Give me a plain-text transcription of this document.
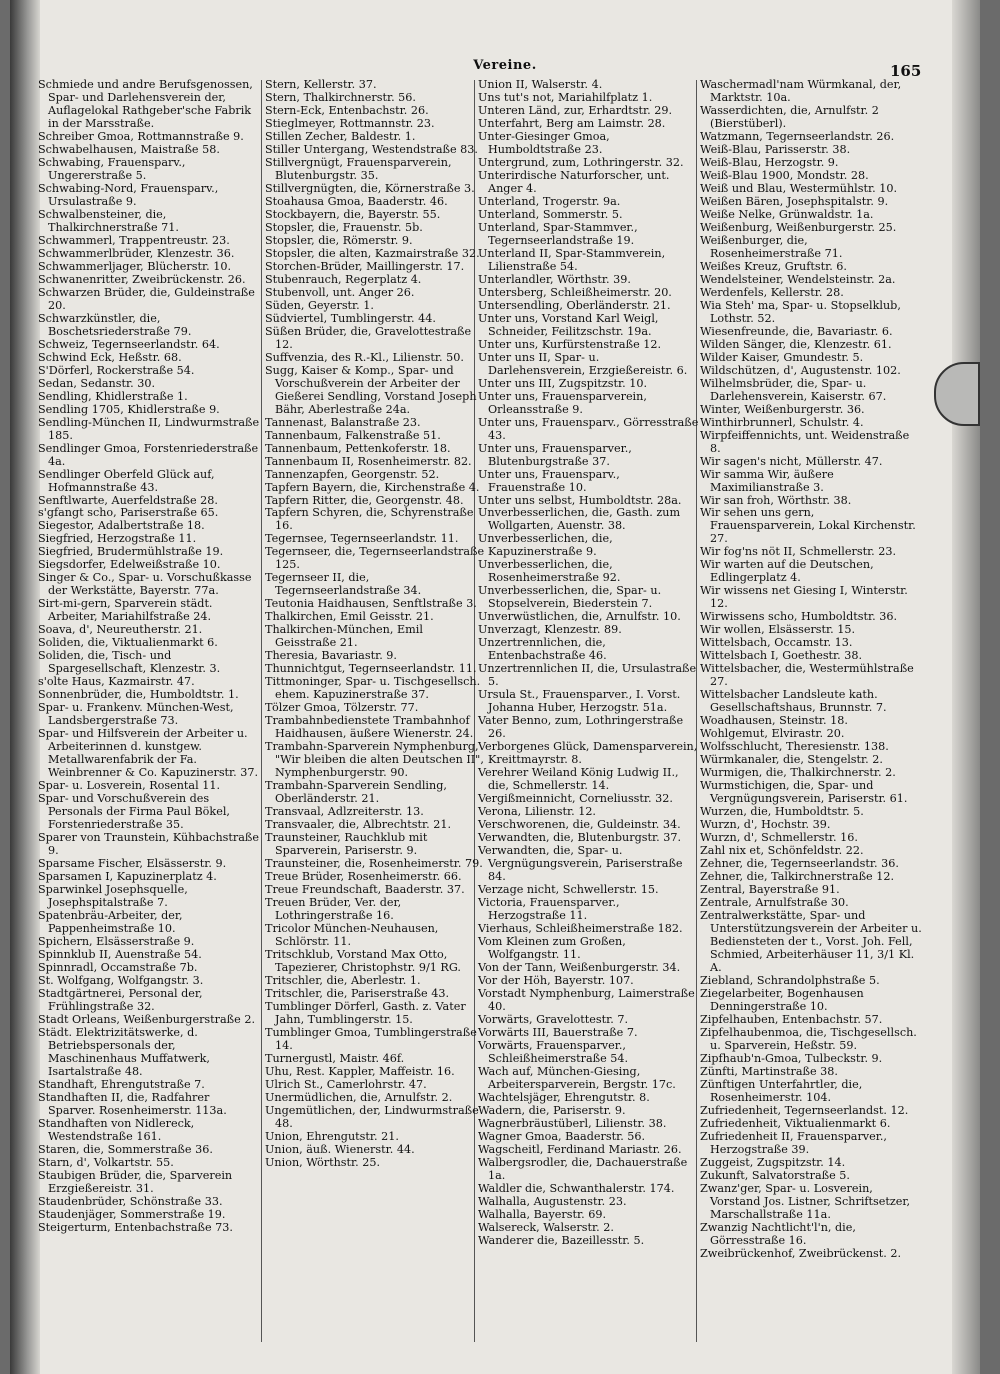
Vereine.	165
Schmiede und andre Berufsgenossen, Spar- und Darlehensverein der, Auflagelokal Rathgeber'sche Fabrik in der Marsstraße.
Schreiber Gmoa, Rottmannstraße 9.
Schwabelhausen, Maistraße 58.
Schwabing, Frauensparv., Ungererstraße 5.
Schwabing-Nord, Frauensparv., Ursulastraße 9.
Schwalbensteiner, die, Thalkirchnerstraße 71.
Schwammerl, Trappentreustr. 23.
Schwammerlbrüder, Klenzestr. 36.
Schwammerljager, Blücherstr. 10.
Schwanenritter, Zweibrückenstr. 26.
Schwarzen Brüder, die, Guldeinstraße 20.
Schwarzkünstler, die, Boschetsriederstraße 79.
Schweiz, Tegernseerlandstr. 64.
Schwind Eck, Heßstr. 68.
S'Dörferl, Rockerstraße 54.
Sedan, Sedanstr. 30.
Sendling, Khidlerstraße 1.
Sendling 1705, Khidlerstraße 9.
Sendling-München II, Lindwurmstraße 185.
Sendlinger Gmoa, Forstenriederstraße 4a.
Sendlinger Oberfeld Glück auf, Hofmannstraße 43.
Senftlwarte, Auerfeldstraße 28.
s'gfangt scho, Pariserstraße 65.
Siegestor, Adalbertstraße 18.
Siegfried, Herzogstraße 11.
Siegfried, Brudermühlstraße 19.
Siegsdorfer, Edelweißstraße 10.
Singer & Co., Spar- u. Vorschußkasse der Werkstätte, Bayerstr. 77a.
Sirt-mi-gern, Sparverein städt. Arbeiter, Mariahilfstraße 24.
Soava, d', Neureutherstr. 21.
Soliden, die, Viktualienmarkt 6.
Soliden, die, Tisch- und Spargesellschaft, Klenzestr. 3.
s'olte Haus, Kazmairstr. 47.
Sonnenbrüder, die, Humboldtstr. 1.
Spar- u. Frankenv. München-West, Landsbergerstraße 73.
Spar- und Hilfsverein der Arbeiter u. Arbeiterinnen d. kunstgew. Metallwarenfabrik der Fa. Weinbrenner & Co. Kapuzinerstr. 37.
Spar- u. Losverein, Rosental 11.
Spar- und Vorschußverein des Personals der Firma Paul Bökel, Forstenriederstraße 35.
Sparer von Traunstein, Kühbachstraße 9.
Sparsame Fischer, Elsässerstr. 9.
Sparsamen I, Kapuzinerplatz 4.
Sparwinkel Josephsquelle, Josephspitalstraße 7.
Spatenbräu-Arbeiter, der, Pappenheimstraße 10.
Spichern, Elsässerstraße 9.
Spinnklub II, Auenstraße 54.
Spinnradl, Occamstraße 7b.
St. Wolfgang, Wolfgangstr. 3.
Stadtgärtnerei, Personal der, Frühlingstraße 32.
Stadt Orleans, Weißenburgerstraße 2.
Städt. Elektrizitätswerke, d. Betriebspersonals der, Maschinenhaus Muffatwerk, Isartalstraße 48.
Standhaft, Ehrengutstraße 7.
Standhaften II, die, Radfahrer Sparver. Rosenheimerstr. 113a.
Standhaften von Nidlereck, Westendstraße 161.
Staren, die, Sommerstraße 36.
Starn, d', Volkartstr. 55.
Staubigen Brüder, die, Sparverein Erzgießereistr. 31.
Staudenbrüder, Schönstraße 33.
Staudenjäger, Sommerstraße 19.
Steigerturm, Entenbachstraße 73.
Stern, Kellerstr. 37.
Stern, Thalkirchnerstr. 56.
Stern-Eck, Entenbachstr. 26.
Stieglmeyer, Rottmannstr. 23.
Stillen Zecher, Baldestr. 1.
Stiller Untergang, Westendstraße 83.
Stillvergnügt, Frauensparverein, Blutenburgstr. 35.
Stillvergnügten, die, Körnerstraße 3.
Stoahausa Gmoa, Baaderstr. 46.
Stockbayern, die, Bayerstr. 55.
Stopsler, die, Frauenstr. 5b.
Stopsler, die, Römerstr. 9.
Stopsler, die alten, Kazmairstraße 32.
Storchen-Brüder, Maillingerstr. 17.
Stubenrauch, Regerplatz 4.
Stubenvoll, unt. Anger 26.
Süden, Geyerstr. 1.
Südviertel, Tumblingerstr. 44.
Süßen Brüder, die, Gravelottestraße 12.
Suffvenzia, des R.-Kl., Lilienstr. 50.
Sugg, Kaiser & Komp., Spar- und Vorschußverein der Arbeiter der Gießerei Sendling, Vorstand Joseph Bähr, Aberlestraße 24a.
Tannenast, Balanstraße 23.
Tannenbaum, Falkenstraße 51.
Tannenbaum, Pettenkoferstr. 18.
Tannenbaum II, Rosenheimerstr. 82.
Tannenzapfen, Georgenstr. 52.
Tapfern Bayern, die, Kirchenstraße 4.
Tapfern Ritter, die, Georgenstr. 48.
Tapfern Schyren, die, Schyrenstraße 16.
Tegernsee, Tegernseerlandstr. 11.
Tegernseer, die, Tegernseerlandstraße 125.
Tegernseer II, die, Tegernseerlandstraße 34.
Teutonia Haidhausen, Senftlstraße 3.
Thalkirchen, Emil Geisstr. 21.
Thalkirchen-München, Emil Geisstraße 21.
Theresia, Bavariastr. 9.
Thunnichtgut, Tegernseerlandstr. 11.
Tittmoninger, Spar- u. Tischgesellsch. ehem. Kapuzinerstraße 37.
Tölzer Gmoa, Tölzerstr. 77.
Trambahnbedienstete Trambahnhof Haidhausen, äußere Wienerstr. 24.
Trambahn-Sparverein Nymphenburg, "Wir bleiben die alten Deutschen II", Nymphenburgerstr. 90.
Trambahn-Sparverein Sendling, Oberländerstr. 21.
Transvaal, Adlzreiterstr. 13.
Transvaaler, die, Albrechtstr. 21.
Traunsteiner, Rauchklub mit Sparverein, Pariserstr. 9.
Traunsteiner, die, Rosenheimerstr. 79.
Treue Brüder, Rosenheimerstr. 66.
Treue Freundschaft, Baaderstr. 37.
Treuen Brüder, Ver. der, Lothringerstraße 16.
Tricolor München-Neuhausen, Schlörstr. 11.
Tritschklub, Vorstand Max Otto, Tapezierer, Christophstr. 9/1 RG.
Tritschler, die, Aberlestr. 1.
Tritschler, die, Pariserstraße 43.
Tumblinger Dörferl, Gasth. z. Vater Jahn, Tumblingerstr. 15.
Tumblinger Gmoa, Tumblingerstraße 14.
Turnergustl, Maistr. 46f.
Uhu, Rest. Kappler, Maffeistr. 16.
Ulrich St., Camerlohrstr. 47.
Unermüdlichen, die, Arnulfstr. 2.
Ungemütlichen, der, Lindwurmstraße 48.
Union, Ehrengutstr. 21.
Union, äuß. Wienerstr. 44.
Union, Wörthstr. 25.
Union II, Walserstr. 4.
Uns tut's not, Mariahilfplatz 1.
Unteren Länd, zur, Erhardtstr. 29.
Unterfahrt, Berg am Laimstr. 28.
Unter-Giesinger Gmoa, Humboldtstraße 23.
Untergrund, zum, Lothringerstr. 32.
Unterirdische Naturforscher, unt. Anger 4.
Unterland, Trogerstr. 9a.
Unterland, Sommerstr. 5.
Unterland, Spar-Stammver., Tegernseerlandstraße 19.
Unterland II, Spar-Stammverein, Lilienstraße 54.
Unterlandler, Wörthstr. 39.
Untersberg, Schleißheimerstr. 20.
Untersendling, Oberländerstr. 21.
Unter uns, Vorstand Karl Weigl, Schneider, Feilitzschstr. 19a.
Unter uns, Kurfürstenstraße 12.
Unter uns II, Spar- u. Darlehensverein, Erzgießereistr. 6.
Unter uns III, Zugspitzstr. 10.
Unter uns, Frauensparverein, Orleansstraße 9.
Unter uns, Frauensparv., Görresstraße 43.
Unter uns, Frauensparver., Blutenburgstraße 37.
Unter uns, Frauensparv., Frauenstraße 10.
Unter uns selbst, Humboldtstr. 28a.
Unverbesserlichen, die, Gasth. zum Wollgarten, Auenstr. 38.
Unverbesserlichen, die, Kapuzinerstraße 9.
Unverbesserlichen, die, Rosenheimerstraße 92.
Unverbesserlichen, die, Spar- u. Stopselverein, Biederstein 7.
Unverwüstlichen, die, Arnulfstr. 10.
Unverzagt, Klenzestr. 89.
Unzertrennlichen, die, Entenbachstraße 46.
Unzertrennlichen II, die, Ursulastraße 5.
Ursula St., Frauensparver., I. Vorst. Johanna Huber, Herzogstr. 51a.
Vater Benno, zum, Lothringerstraße 26.
Verborgenes Glück, Damensparverein, Kreittmayrstr. 8.
Verehrer Weiland König Ludwig II., die, Schmellerstr. 14.
Vergißmeinnicht, Corneliusstr. 32.
Verona, Lilienstr. 12.
Verschworenen, die, Guldeinstr. 34.
Verwandten, die, Blutenburgstr. 37.
Verwandten, die, Spar- u. Vergnügungsverein, Pariserstraße 84.
Verzage nicht, Schwellerstr. 15.
Victoria, Frauensparver., Herzogstraße 11.
Vierhaus, Schleißheimerstraße 182.
Vom Kleinen zum Großen, Wolfgangstr. 11.
Von der Tann, Weißenburgerstr. 34.
Vor der Höh, Bayerstr. 107.
Vorstadt Nymphenburg, Laimerstraße 40.
Vorwärts, Gravelottestr. 7.
Vorwärts III, Bauerstraße 7.
Vorwärts, Frauensparver., Schleißheimerstraße 54.
Wach auf, München-Giesing, Arbeitersparverein, Bergstr. 17c.
Wachtelsjäger, Ehrengutstr. 8.
Wadern, die, Pariserstr. 9.
Wagnerbräustüberl, Lilienstr. 38.
Wagner Gmoa, Baaderstr. 56.
Wagscheitl, Ferdinand Mariastr. 26.
Walbergsrodler, die, Dachauerstraße 1a.
Waldler die, Schwanthalerstr. 174.
Walhalla, Augustenstr. 23.
Walhalla, Bayerstr. 69.
Walsereck, Walserstr. 2.
Wanderer die, Bazeillesstr. 5.
Waschermadl'nam Würmkanal, der, Marktstr. 10a.
Wasserdichten, die, Arnulfstr. 2 (Bierstüberl).
Watzmann, Tegernseerlandstr. 26.
Weiß-Blau, Parisserstr. 38.
Weiß-Blau, Herzogstr. 9.
Weiß-Blau 1900, Mondstr. 28.
Weiß und Blau, Westermühlstr. 10.
Weißen Bären, Josephspitalstr. 9.
Weiße Nelke, Grünwaldstr. 1a.
Weißenburg, Weißenburgerstr. 25.
Weißenburger, die, Rosenheimerstraße 71.
Weißes Kreuz, Gruftstr. 6.
Wendelsteiner, Wendelsteinstr. 2a.
Werdenfels, Kellerstr. 28.
Wia Steh' ma, Spar- u. Stopselklub, Lothstr. 52.
Wiesenfreunde, die, Bavariastr. 6.
Wilden Sänger, die, Klenzestr. 61.
Wilder Kaiser, Gmundestr. 5.
Wildschützen, d', Augustenstr. 102.
Wilhelmsbrüder, die, Spar- u. Darlehensverein, Kaiserstr. 67.
Winter, Weißenburgerstr. 36.
Winthirbrunnerl, Schulstr. 4.
Wirpfeiffennichts, unt. Weidenstraße 8.
Wir sagen's nicht, Müllerstr. 47.
Wir samma Wir, äußere Maximilianstraße 3.
Wir san froh, Wörthstr. 38.
Wir sehen uns gern, Frauensparverein, Lokal Kirchenstr. 27.
Wir fog'ns nöt II, Schmellerstr. 23.
Wir warten auf die Deutschen, Edlingerplatz 4.
Wir wissens net Giesing I, Winterstr. 12.
Wirwissens scho, Humboldtstr. 36.
Wir wollen, Elsässerstr. 15.
Wittelsbach, Occamstr. 13.
Wittelsbach I, Goethestr. 38.
Wittelsbacher, die, Westermühlstraße 27.
Wittelsbacher Landsleute kath. Gesellschaftshaus, Brunnstr. 7.
Woadhausen, Steinstr. 18.
Wohlgemut, Elvirastr. 20.
Wolfsschlucht, Theresienstr. 138.
Würmkanaler, die, Stengelstr. 2.
Wurmigen, die, Thalkirchnerstr. 2.
Wurmstichigen, die, Spar- und Vergnügungsverein, Pariserstr. 61.
Wurzen, die, Humboldtstr. 5.
Wurzn, d', Hochstr. 39.
Wurzn, d', Schmellerstr. 16.
Zahl nix et, Schönfeldstr. 22.
Zehner, die, Tegernseerlandstr. 36.
Zehner, die, Talkirchnerstraße 12.
Zentral, Bayerstraße 91.
Zentrale, Arnulfstraße 30.
Zentralwerkstätte, Spar- und Unterstützungsverein der Arbeiter u. Bediensteten der t., Vorst. Joh. Fell, Schmied, Arbeiterhäuser 11, 3/1 Kl. A.
Ziebland, Schrandolphstraße 5.
Ziegelarbeiter, Bogenhausen Denningerstraße 10.
Zipfelhauben, Entenbachstr. 57.
Zipfelhaubenmoa, die, Tischgesellsch. u. Sparverein, Heßstr. 59.
Zipfhaub'n-Gmoa, Tulbeckstr. 9.
Zünfti, Martinstraße 38.
Zünftigen Unterfahrtler, die, Rosenheimerstr. 104.
Zufriedenheit, Tegernseerlandst. 12.
Zufriedenheit, Viktualienmarkt 6.
Zufriedenheit II, Frauensparver., Herzogstraße 39.
Zuggeist, Zugspitzstr. 14.
Zukunft, Salvatorstraße 5.
Zwanz'ger, Spar- u. Losverein, Vorstand Jos. Listner, Schriftsetzer, Marschallstraße 11a.
Zwanzig Nachtlicht'l'n, die, Görresstraße 16.
Zweibrückenhof, Zweibrückenst. 2.
